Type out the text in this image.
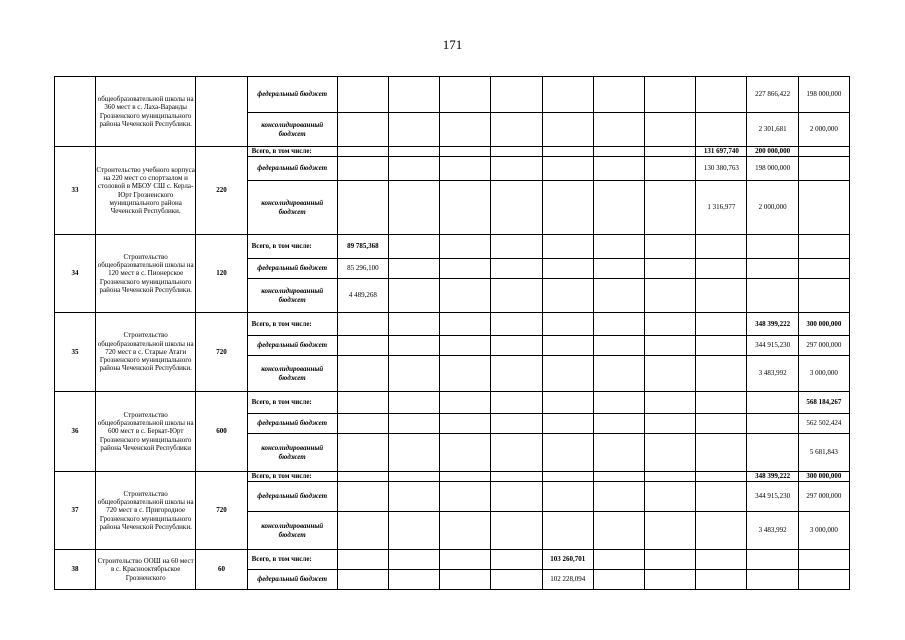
171
	общеобразовательной школы на 360 мест в с. Лаха-Варанды Грозненского муниципального района Чеченской Республики.		федеральный бюджет									227 866,422	198 000,000
			консолидированный бюджет									2 301,681	2 000,000
33	Строительство учебного корпуса на 220 мест со спортзалом и столовой в МБОУ СШ с. Керла-Юрт Грозненского муниципального района Чеченской Республики.	220	Всего, в том числе:								131 697,740	200 000,000	
			федеральный бюджет								130 380,763	198 000,000	
			консолидированный бюджет								1 316,977	2 000,000	
34	Строительство общеобразовательной школы на 120 мест в с. Пионерское Грозненского муниципального района Чеченской Республики.	120	Всего, в том числе:	89 785,368									
			федеральный бюджет	85 296,100									
			консолидированный бюджет	4 489,268									
35	Строительство общеобразовательной школы на 720 мест в с. Старые Атаги Грозненского муниципального района Чеченской Республики.	720	Всего, в том числе:									348 399,222	300 000,000
			федеральный бюджет									344 915,230	297 000,000
			консолидированный бюджет									3 483,992	3 000,000
36	Строительство общеобразовательной школы на 600 мест в с. Беркат-Юрт Грозненского муниципального района Чеченской Республики	600	Всего, в том числе:										568 184,267
			федеральный бюджет										562 502,424
			консолидированный бюджет										5 681,843
37	Строительство общеобразовательной школы на 720 мест в с. Пригородное Грозненского муниципального района Чеченской Республики.	720	Всего, в том числе:									348 399,222	300 000,000
			федеральный бюджет									344 915,230	297 000,000
			консолидированный бюджет									3 483,992	3 000,000
38	Строительство ООШ на 60 мест в с. Краснооктябрьское Грозненского	60	Всего, в том числе:					103 260,701					
			федеральный бюджет					102 228,094					
